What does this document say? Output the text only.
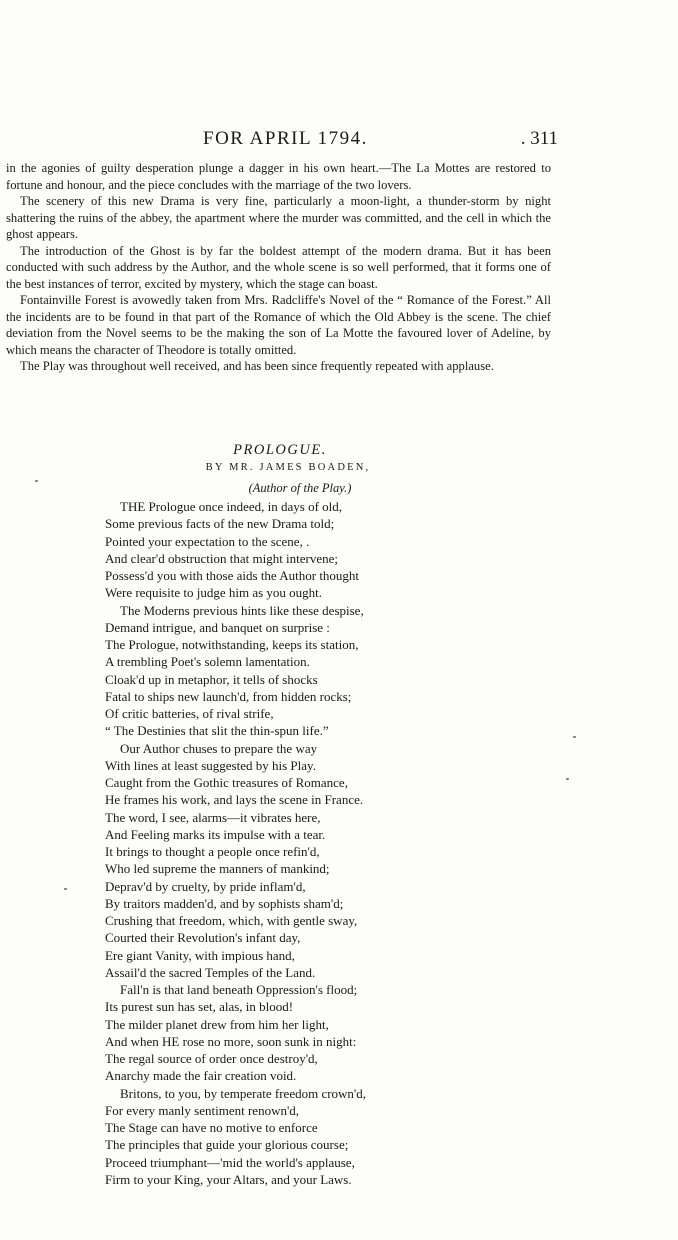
FOR APRIL 1794.	. 311

in the agonies of guilty desperation plunge a dagger in his own heart.—The La Mottes are restored to fortune and honour, and the piece concludes with the marriage of the two lovers.

The scenery of this new Drama is very fine, particularly a moon-light, a thunder-storm by night shattering the ruins of the abbey, the apartment where the murder was committed, and the cell in which the ghost appears.

The introduction of the Ghost is by far the boldest attempt of the modern drama. But it has been conducted with such address by the Author, and the whole scene is so well performed, that it forms one of the best instances of terror, excited by mystery, which the stage can boast.

Fontainville Forest is avowedly taken from Mrs. Radcliffe's Novel of the “ Romance of the Forest.” All the incidents are to be found in that part of the Romance of which the Old Abbey is the scene. The chief deviation from the Novel seems to be the making the son of La Motte the favoured lover of Adeline, by which means the character of Theodore is totally omitted.

The Play was throughout well received, and has been since frequently repeated with applause.

PROLOGUE.
BY MR. JAMES BOADEN,
(Author of the Play.)
THE Prologue once indeed, in days of old,
Some previous facts of the new Drama told;
Pointed your expectation to the scene, .
And clear'd obstruction that might intervene;
Possess'd you with those aids the Author thought
Were requisite to judge him as you ought.
The Moderns previous hints like these despise,
Demand intrigue, and banquet on surprise :
The Prologue, notwithstanding, keeps its station,
A trembling Poet's solemn lamentation.
Cloak'd up in metaphor, it tells of shocks
Fatal to ships new launch'd, from hidden rocks;
Of critic batteries, of rival strife,
“ The Destinies that slit the thin-spun life.”
Our Author chuses to prepare the way
With lines at least suggested by his Play.
Caught from the Gothic treasures of Romance,
He frames his work, and lays the scene in France.
The word, I see, alarms—it vibrates here,
And Feeling marks its impulse with a tear.
It brings to thought a people once refin'd,
Who led supreme the manners of mankind;
Deprav'd by cruelty, by pride inflam'd,
By traitors madden'd, and by sophists sham'd;
Crushing that freedom, which, with gentle sway,
Courted their Revolution's infant day,
Ere giant Vanity, with impious hand,
Assail'd the sacred Temples of the Land.
Fall'n is that land beneath Oppression's flood;
Its purest sun has set, alas, in blood!
The milder planet drew from him her light,
And when HE rose no more, soon sunk in night:
The regal source of order once destroy'd,
Anarchy made the fair creation void.
Britons, to you, by temperate freedom crown'd,
For every manly sentiment renown'd,
The Stage can have no motive to enforce
The principles that guide your glorious course;
Proceed triumphant—'mid the world's applause,
Firm to your King, your Altars, and your Laws.
